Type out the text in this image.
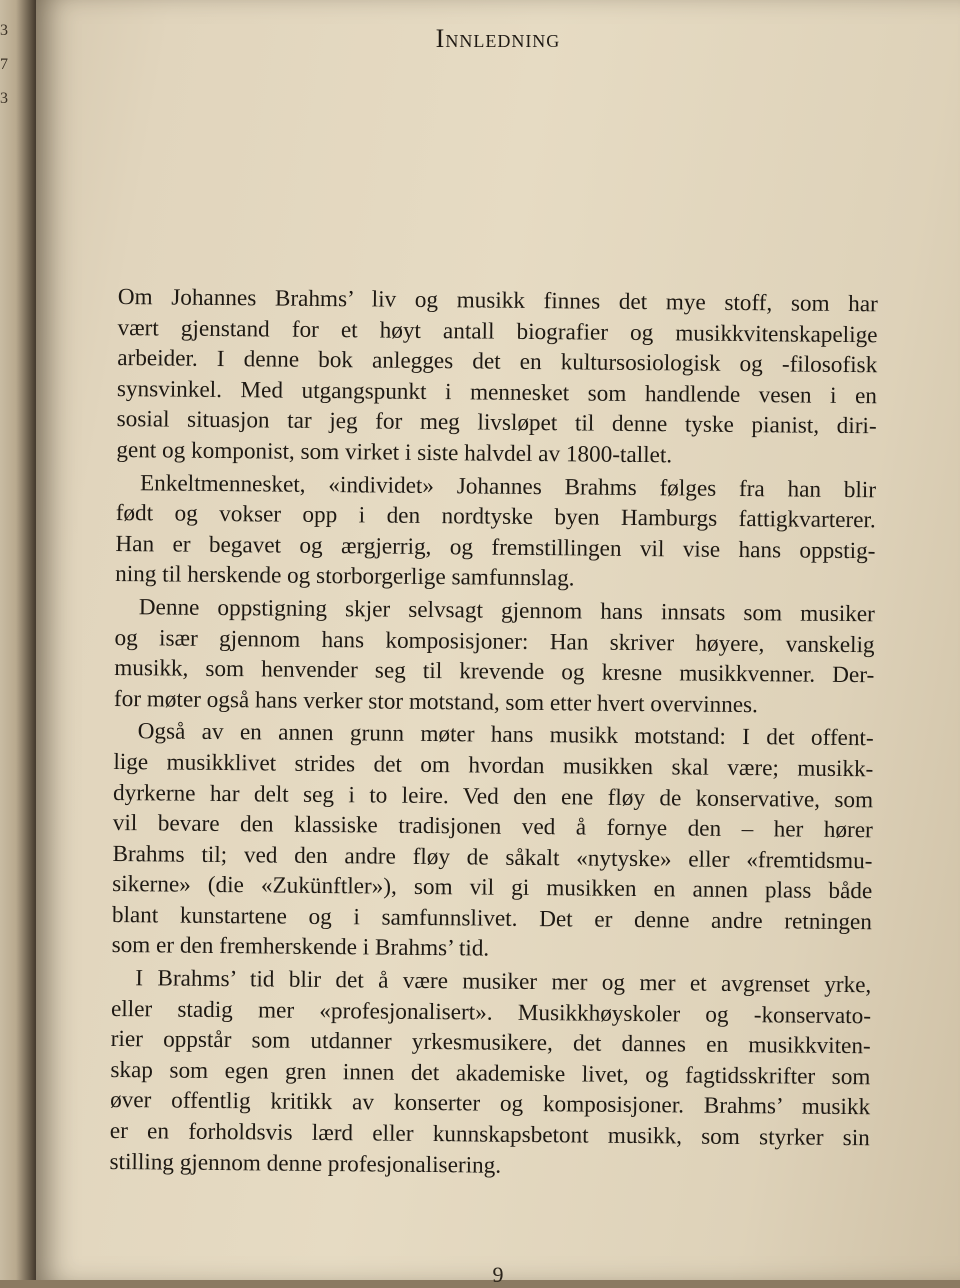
3
7
3
Innledning

Om Johannes Brahms’ liv og musikk finnes det mye stoff, som har
vært gjenstand for et høyt antall biografier og musikkvitenskapelige
arbeider. I denne bok anlegges det en kultursosiologisk og -filosofisk
synsvinkel. Med utgangspunkt i mennesket som handlende vesen i en
sosial situasjon tar jeg for meg livsløpet til denne tyske pianist, diri-
gent og komponist, som virket i siste halvdel av 1800-tallet.

Enkeltmennesket, «individet» Johannes Brahms følges fra han blir
født og vokser opp i den nordtyske byen Hamburgs fattigkvarterer.
Han er begavet og ærgjerrig, og fremstillingen vil vise hans oppstig-
ning til herskende og storborgerlige samfunnslag.

Denne oppstigning skjer selvsagt gjennom hans innsats som musiker
og især gjennom hans komposisjoner: Han skriver høyere, vanskelig
musikk, som henvender seg til krevende og kresne musikkvenner. Der-
for møter også hans verker stor motstand, som etter hvert overvinnes.

Også av en annen grunn møter hans musikk motstand: I det offent-
lige musikklivet strides det om hvordan musikken skal være; musikk-
dyrkerne har delt seg i to leire. Ved den ene fløy de konservative, som
vil bevare den klassiske tradisjonen ved å fornye den – her hører
Brahms til; ved den andre fløy de såkalt «nytyske» eller «fremtidsmu-
sikerne» (die «Zukünftler»), som vil gi musikken en annen plass både
blant kunstartene og i samfunnslivet. Det er denne andre retningen
som er den fremherskende i Brahms’ tid.

I Brahms’ tid blir det å være musiker mer og mer et avgrenset yrke,
eller stadig mer «profesjonalisert». Musikkhøyskoler og -konservato-
rier oppstår som utdanner yrkesmusikere, det dannes en musikkviten-
skap som egen gren innen det akademiske livet, og fagtidsskrifter som
øver offentlig kritikk av konserter og komposisjoner. Brahms’ musikk
er en forholdsvis lærd eller kunnskapsbetont musikk, som styrker sin
stilling gjennom denne profesjonalisering.

9
